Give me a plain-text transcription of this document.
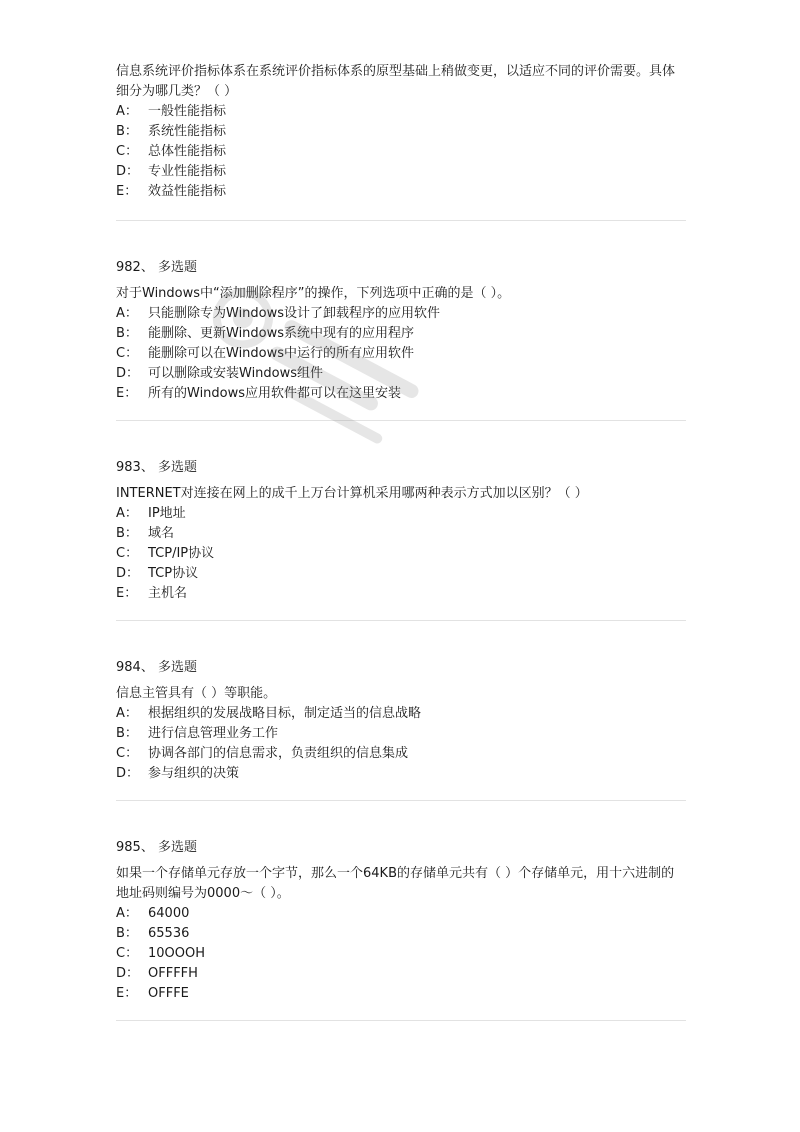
信息系统评价指标体系在系统评价指标体系的原型基础上稍做变更，以适应不同的评价需要。具体细分为哪几类？（ ）

A： 一般性能指标
B： 系统性能指标
C： 总体性能指标
D： 专业性能指标
E： 效益性能指标
982、 多选题

对于Windows中“添加删除程序”的操作，下列选项中正确的是（ ）。

A： 只能删除专为Windows设计了卸载程序的应用软件
B： 能删除、更新Windows系统中现有的应用程序
C： 能删除可以在Windows中运行的所有应用软件
D： 可以删除或安装Windows组件
E： 所有的Windows应用软件都可以在这里安装
983、 多选题

INTERNET对连接在网上的成千上万台计算机采用哪两种表示方式加以区别？（ ）

A： IP地址
B： 域名
C： TCP/IP协议
D： TCP协议
E： 主机名
984、 多选题

信息主管具有（ ）等职能。

A： 根据组织的发展战略目标，制定适当的信息战略
B： 进行信息管理业务工作
C： 协调各部门的信息需求，负责组织的信息集成
D： 参与组织的决策
985、 多选题

如果一个存储单元存放一个字节，那么一个64KB的存储单元共有（ ）个存储单元，用十六进制的地址码则编号为0000～（ ）。

A： 64000
B： 65536
C： 10OOOH
D： OFFFFH
E： OFFFE
